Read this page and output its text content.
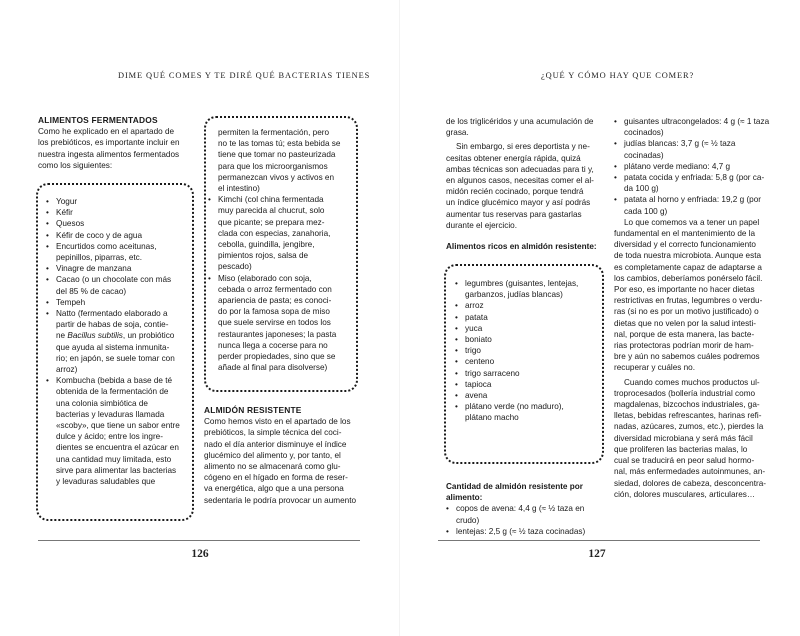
DIME QUÉ COMES Y TE DIRÉ QUÉ BACTERIAS TIENES

ALIMENTOS FERMENTADOS

Como he explicado en el apartado de

los prebióticos, es importante incluir en

nuestra ingesta alimentos fermentados

como los siguientes:

• Yogur
• Kéfir
• Quesos
• Kéfir de coco y de agua
• Encurtidos como aceitunas,
pepinillos, piparras, etc.
• Vinagre de manzana
• Cacao (o un chocolate con más
del 85 % de cacao)
• Tempeh
• Natto (fermentado elaborado a
partir de habas de soja, contie-
ne Bacillus subtilis, un probiótico
que ayuda al sistema inmunita-
rio; en japón, se suele tomar con
arroz)
• Kombucha (bebida a base de té
obtenida de la fermentación de
una colonia simbiótica de
bacterias y levaduras llamada
«scoby», que tiene un sabor entre
dulce y ácido; entre los ingre-
dientes se encuentra el azúcar en
una cantidad muy limitada, esto
sirve para alimentar las bacterias
y levaduras saludables que

permiten la fermentación, pero

no te las tomas tú; esta bebida se

tiene que tomar no pasteurizada

para que los microorganismos

permanezcan vivos y activos en

el intestino)

• Kimchi (col china fermentada
muy parecida al chucrut, solo
que picante; se prepara mez-
clada con especias, zanahoria,
cebolla, guindilla, jengibre,
pimientos rojos, salsa de
pescado)
• Miso (elaborado con soja,
cebada o arroz fermentado con
apariencia de pasta; es conoci-
do por la famosa sopa de miso
que suele servirse en todos los
restaurantes japoneses; la pasta
nunca llega a cocerse para no
perder propiedades, sino que se
añade al final para disolverse)

ALMIDÓN RESISTENTE

Como hemos visto en el apartado de los

prebióticos, la simple técnica del coci-

nado el día anterior disminuye el índice

glucémico del alimento y, por tanto, el

alimento no se almacenará como glu-

cógeno en el hígado en forma de reser-

va energética, algo que a una persona

sedentaria le podría provocar un aumento

126
¿QUÉ Y CÓMO HAY QUE COMER?

de los triglicéridos y una acumulación de

grasa.

Sin embargo, si eres deportista y ne-

cesitas obtener energía rápida, quizá

ambas técnicas son adecuadas para ti y,

en algunos casos, necesitas comer el al-

midón recién cocinado, porque tendrá

un índice glucémico mayor y así podrás

aumentar tus reservas para gastarlas

durante el ejercicio.

Alimentos ricos en almidón resistente:

• legumbres (guisantes, lentejas,
garbanzos, judías blancas)
• arroz
• patata
• yuca
• boniato
• trigo
• centeno
• trigo sarraceno
• tapioca
• avena
• plátano verde (no maduro),
plátano macho

Cantidad de almidón resistente por

alimento:

• copos de avena: 4,4 g (≈ ½ taza en
crudo)
• lentejas: 2,5 g (≈ ½ taza cocinadas)
• guisantes ultracongelados: 4 g (≈ 1 taza
cocinados)
• judías blancas: 3,7 g (≈ ½ taza cocinadas)
• plátano verde mediano: 4,7 g
• patata cocida y enfriada: 5,8 g (por ca-
da 100 g)
• patata al horno y enfriada: 19,2 g (por
cada 100 g)

Lo que comemos va a tener un papel

fundamental en el mantenimiento de la

diversidad y el correcto funcionamiento

de toda nuestra microbiota. Aunque esta

es completamente capaz de adaptarse a

los cambios, deberíamos ponérselo fácil.

Por eso, es importante no hacer dietas

restrictivas en frutas, legumbres o verdu-

ras (si no es por un motivo justificado) o

dietas que no velen por la salud intesti-

nal, porque de esta manera, las bacte-

rias protectoras podrían morir de ham-

bre y aún no sabemos cuáles podremos

recuperar y cuáles no.

Cuando comes muchos productos ul-

troprocesados (bollería industrial como

magdalenas, bizcochos industriales, ga-

lletas, bebidas refrescantes, harinas refi-

nadas, azúcares, zumos, etc.), pierdes la

diversidad microbiana y será más fácil

que proliferen las bacterias malas, lo

cual se traducirá en peor salud hormo-

nal, más enfermedades autoinmunes, an-

siedad, dolores de cabeza, desconcentra-

ción, dolores musculares, articulares…

127
